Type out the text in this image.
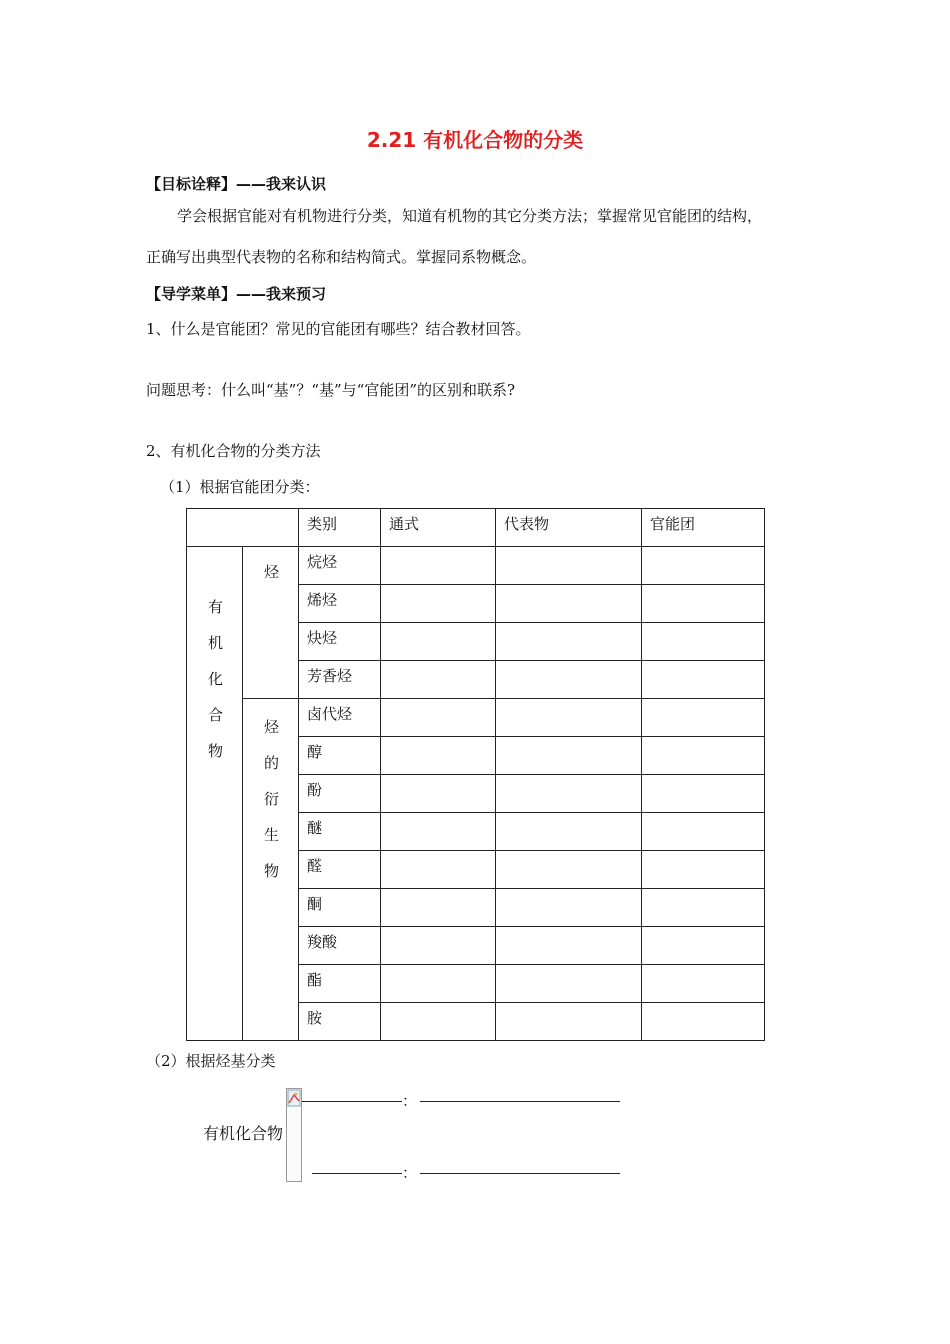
2.21 有机化合物的分类
【目标诠释】——我来认识
学会根据官能对有机物进行分类，知道有机物的其它分类方法；掌握常见官能团的结构，
正确写出典型代表物的名称和结构简式。掌握同系物概念。
【导学菜单】——我来预习
1、什么是官能团？常见的官能团有哪些？结合教材回答。
问题思考：什么叫“基”？“基”与“官能团”的区别和联系?
2、有机化合物的分类方法
（1）根据官能团分类：
		类别	通式	代表物	官能团
有机化合物	烃	烷烃			
		烯烃			
		炔烃			
		芳香烃			
	烃的衍生物	卤代烃			
		醇			
		酚			
		醚			
		醛			
		酮			
		羧酸			
		酯			
		胺			
（2）根据烃基分类
有机化合物
：
：
